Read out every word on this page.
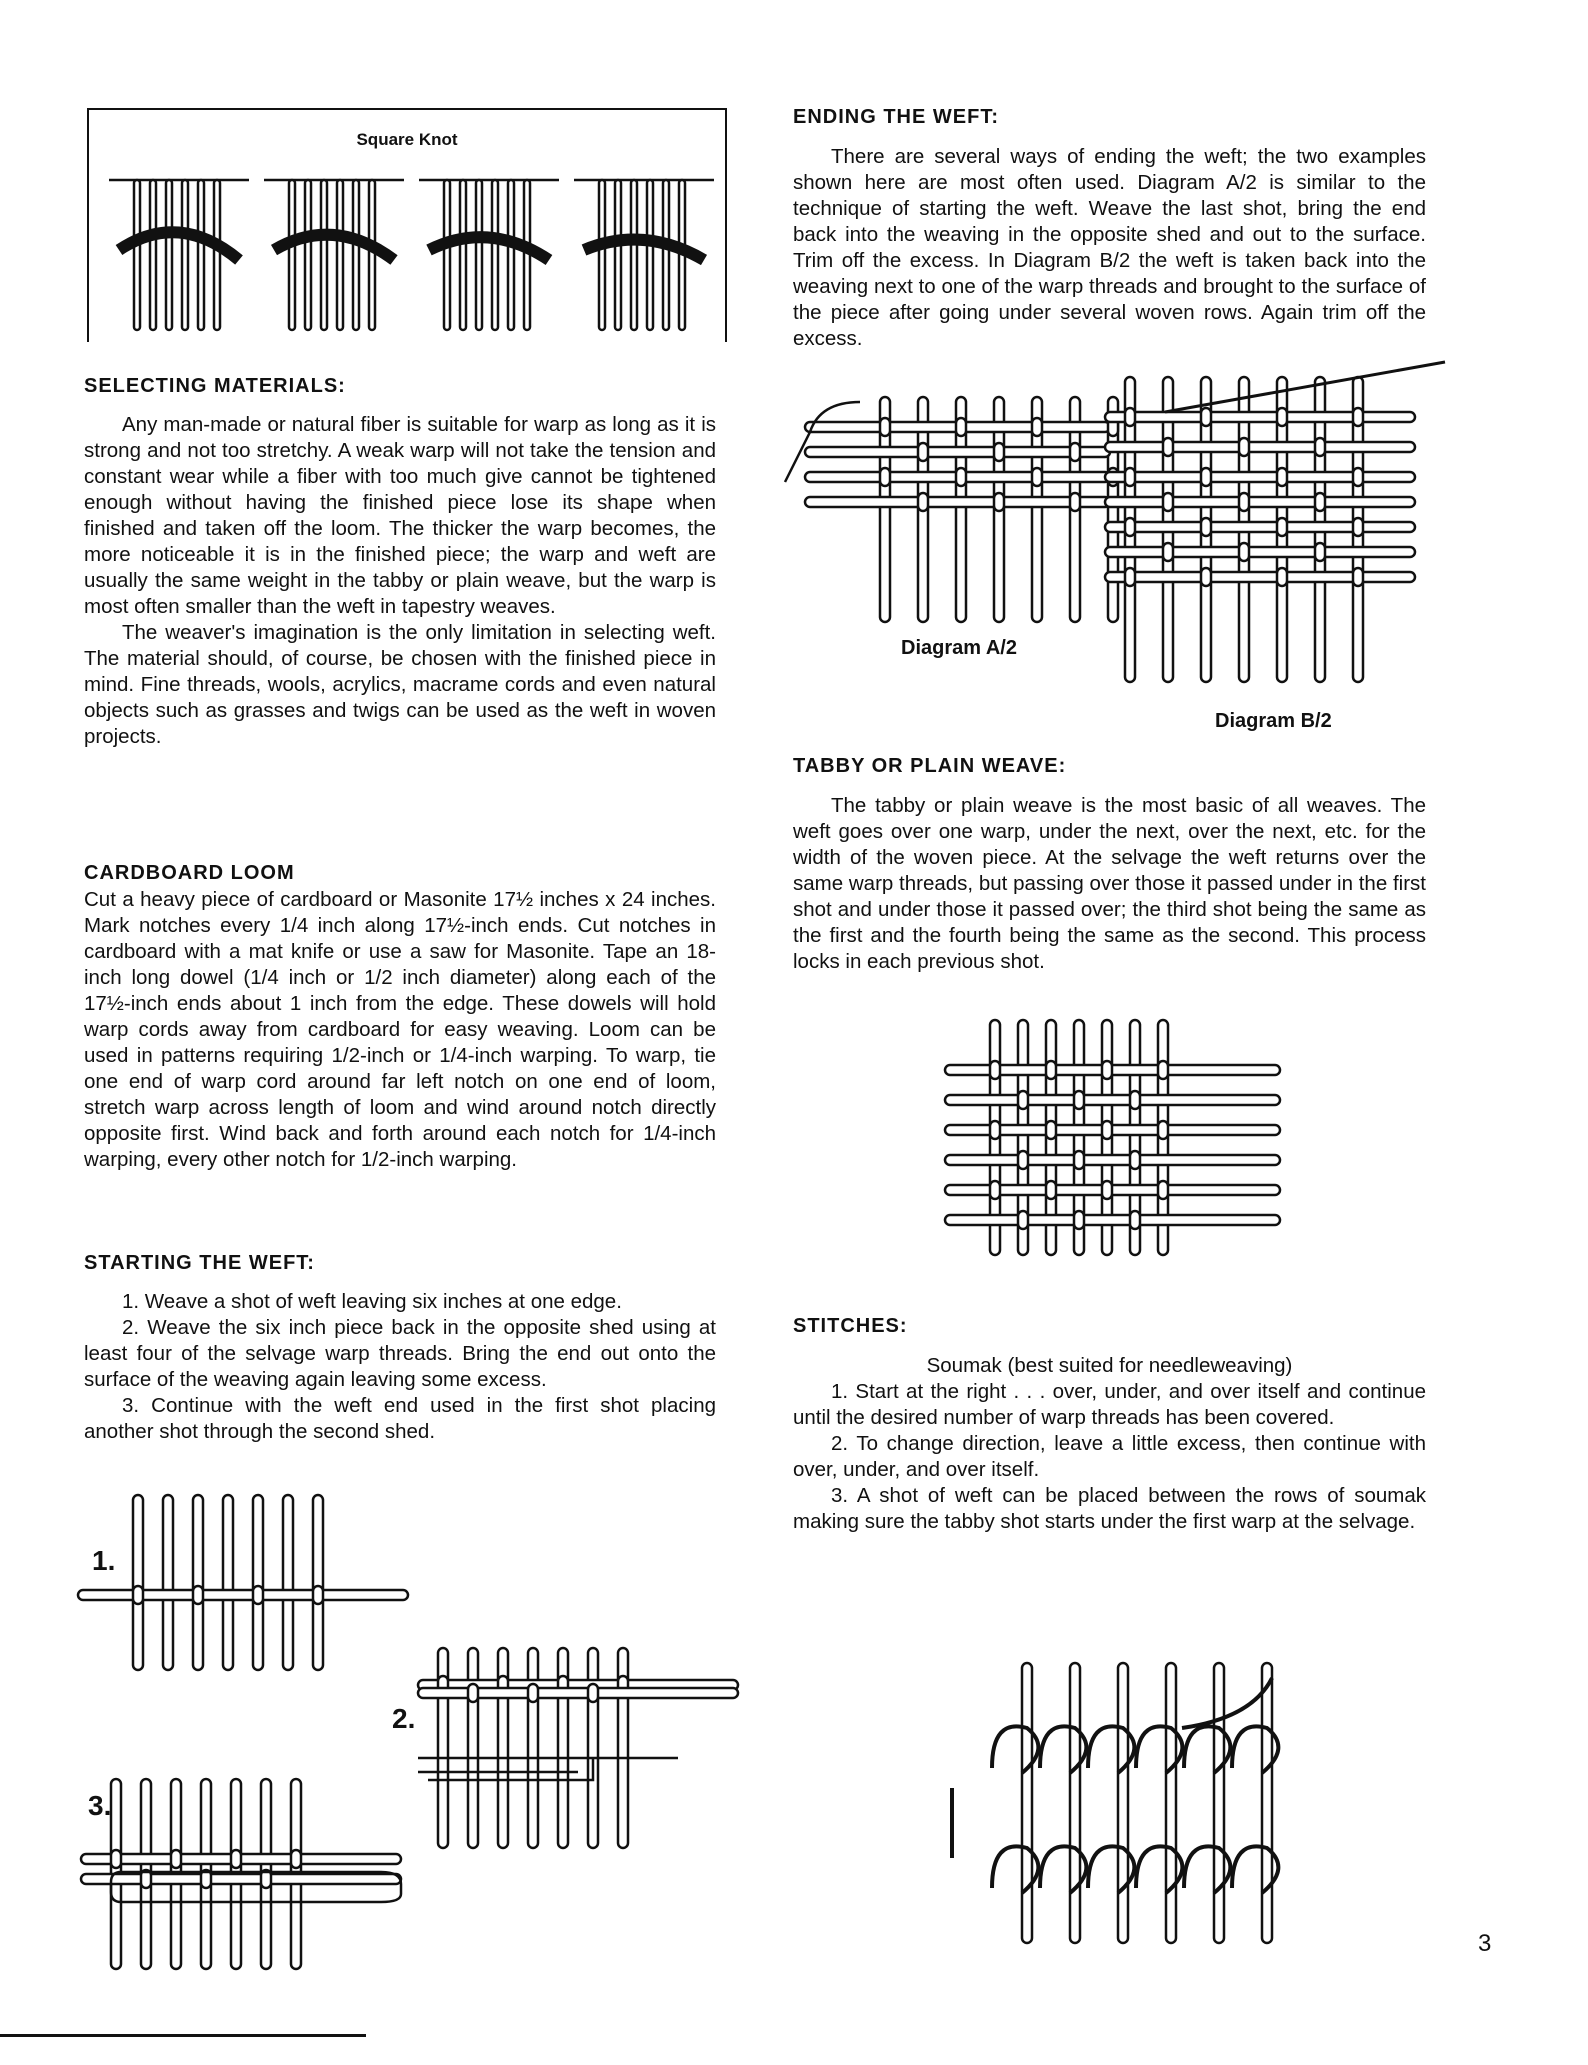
Square Knot
SELECTING MATERIALS:

Any man-made or natural fiber is suitable for warp as long as it is strong and not too stretchy. A weak warp will not take the tension and constant wear while a fiber with too much give cannot be tightened enough without having the finished piece lose its shape when finished and taken off the loom. The thicker the warp becomes, the more noticeable it is in the finished piece; the warp and weft are usually the same weight in the tabby or plain weave, but the warp is most often smaller than the weft in tapestry weaves.

The weaver's imagination is the only limitation in selecting weft. The material should, of course, be chosen with the finished piece in mind. Fine threads, wools, acrylics, macrame cords and even natural objects such as grasses and twigs can be used as the weft in woven projects.

CARDBOARD LOOM

Cut a heavy piece of cardboard or Masonite 17½ inches x 24 inches. Mark notches every 1/4 inch along 17½-inch ends. Cut notches in cardboard with a mat knife or use a saw for Masonite. Tape an 18-inch long dowel (1/4 inch or 1/2 inch diameter) along each of the 17½-inch ends about 1 inch from the edge. These dowels will hold warp cords away from cardboard for easy weaving. Loom can be used in patterns requiring 1/2-inch or 1/4-inch warping. To warp, tie one end of warp cord around far left notch on one end of loom, stretch warp across length of loom and wind around notch directly opposite first. Wind back and forth around each notch for 1/4-inch warping, every other notch for 1/2-inch warping.

STARTING THE WEFT:

1. Weave a shot of weft leaving six inches at one edge.

2. Weave the six inch piece back in the opposite shed using at least four of the selvage warp threads. Bring the end out onto the surface of the weaving again leaving some excess.

3. Continue with the weft end used in the first shot placing another shot through the second shed.

1.
2.
3.
ENDING THE WEFT:

There are several ways of ending the weft; the two examples shown here are most often used. Diagram A/2 is similar to the technique of starting the weft. Weave the last shot, bring the end back into the weaving in the opposite shed and out to the surface. Trim off the excess. In Diagram B/2 the weft is taken back into the weaving next to one of the warp threads and brought to the surface of the piece after going under several woven rows. Again trim off the excess.

Diagram A/2
Diagram B/2
TABBY OR PLAIN WEAVE:

The tabby or plain weave is the most basic of all weaves. The weft goes over one warp, under the next, over the next, etc. for the width of the woven piece. At the selvage the weft returns over the same warp threads, but passing over those it passed under in the first shot and under those it passed over; the third shot being the same as the first and the fourth being the same as the second. This process locks in each previous shot.

STITCHES:

Soumak (best suited for needleweaving)

1. Start at the right . . . over, under, and over itself and continue until the desired number of warp threads has been covered.

2. To change direction, leave a little excess, then continue with over, under, and over itself.

3. A shot of weft can be placed between the rows of soumak making sure the tabby shot starts under the first warp at the selvage.

3
